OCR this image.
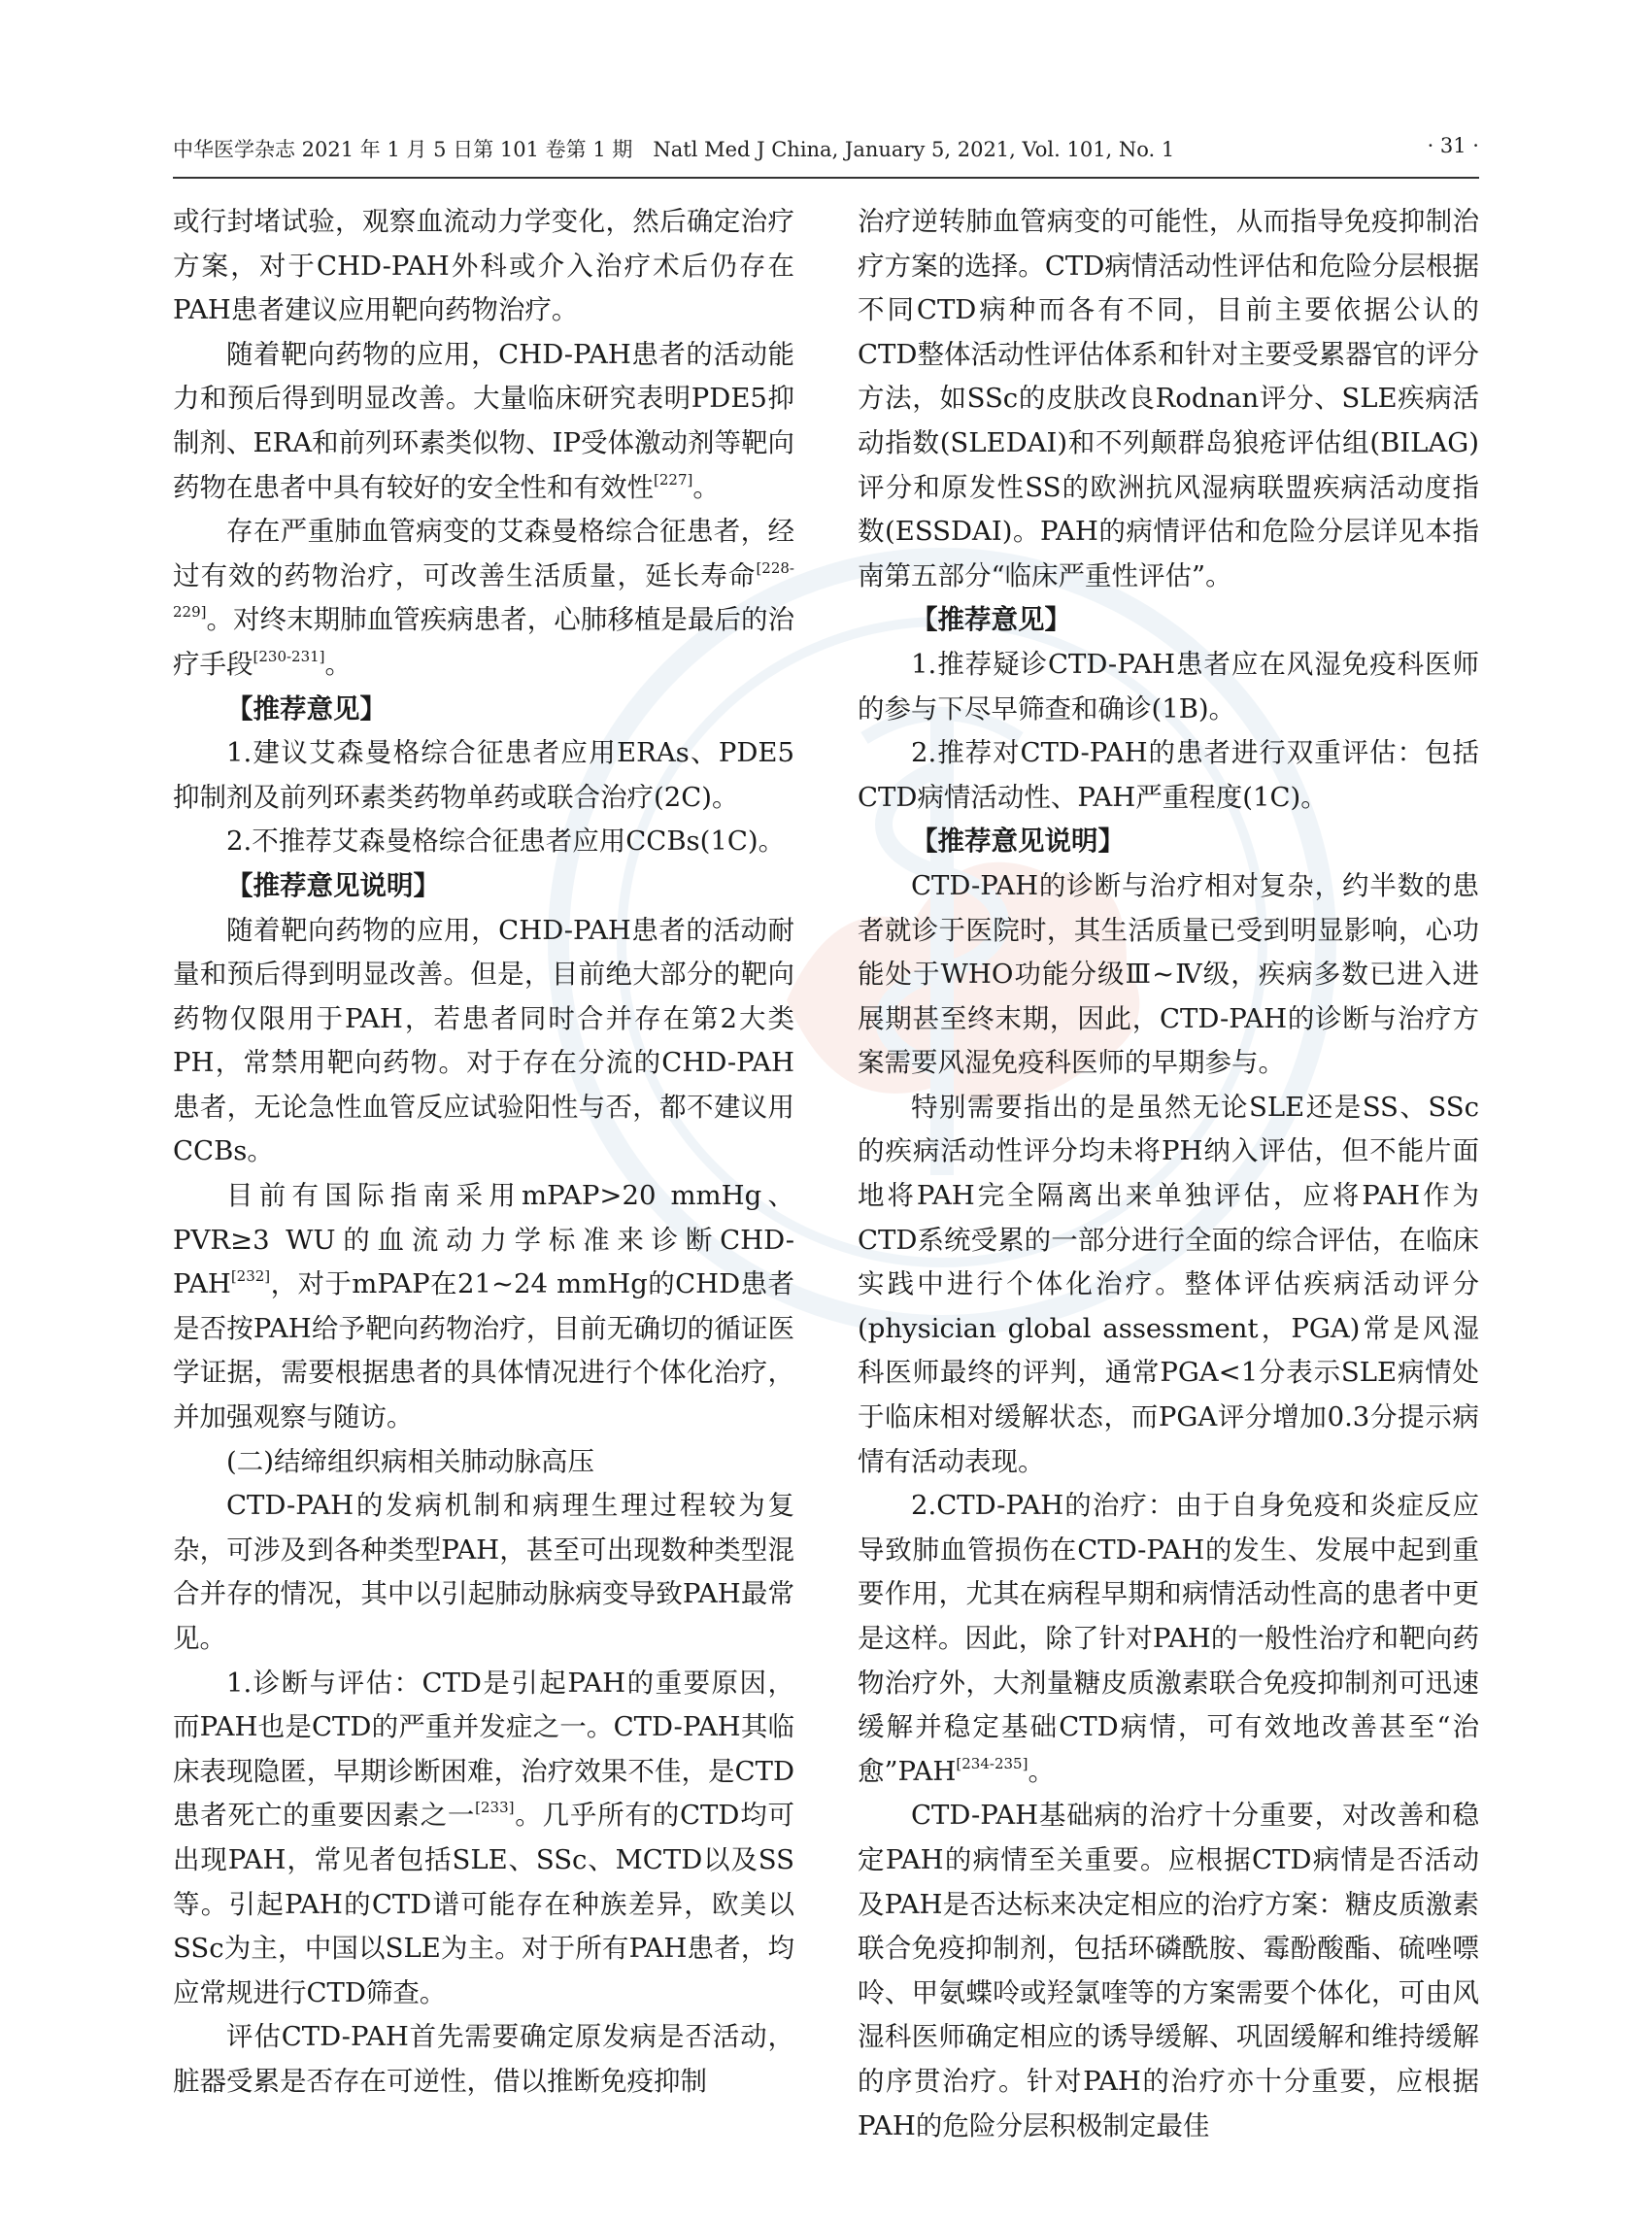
中华医学杂志 2021 年 1 月 5 日第 101 卷第 1 期　Natl Med J China, January 5, 2021, Vol. 101, No. 1	· 31 ·

或行封堵试验，观察血流动力学变化，然后确定治疗方案，对于CHD-PAH外科或介入治疗术后仍存在PAH患者建议应用靶向药物治疗。

随着靶向药物的应用，CHD-PAH患者的活动能力和预后得到明显改善。大量临床研究表明PDE5抑制剂、ERA和前列环素类似物、IP受体激动剂等靶向药物在患者中具有较好的安全性和有效性[227]。

存在严重肺血管病变的艾森曼格综合征患者，经过有效的药物治疗，可改善生活质量，延长寿命[228-229]。对终末期肺血管疾病患者，心肺移植是最后的治疗手段[230-231]。

【推荐意见】

1.建议艾森曼格综合征患者应用ERAs、PDE5抑制剂及前列环素类药物单药或联合治疗(2C)。

2.不推荐艾森曼格综合征患者应用CCBs(1C)。

【推荐意见说明】

随着靶向药物的应用，CHD-PAH患者的活动耐量和预后得到明显改善。但是，目前绝大部分的靶向药物仅限用于PAH，若患者同时合并存在第2大类PH，常禁用靶向药物。对于存在分流的CHD-PAH患者，无论急性血管反应试验阳性与否，都不建议用CCBs。

目前有国际指南采用mPAP>20 mmHg、PVR≥3 WU的血流动力学标准来诊断CHD-PAH[232]，对于mPAP在21~24 mmHg的CHD患者是否按PAH给予靶向药物治疗，目前无确切的循证医学证据，需要根据患者的具体情况进行个体化治疗，并加强观察与随访。

(二)结缔组织病相关肺动脉高压

CTD-PAH的发病机制和病理生理过程较为复杂，可涉及到各种类型PAH，甚至可出现数种类型混合并存的情况，其中以引起肺动脉病变导致PAH最常见。

1.诊断与评估：CTD是引起PAH的重要原因，而PAH也是CTD的严重并发症之一。CTD-PAH其临床表现隐匿，早期诊断困难，治疗效果不佳，是CTD患者死亡的重要因素之一[233]。几乎所有的CTD均可出现PAH，常见者包括SLE、SSc、MCTD以及SS等。引起PAH的CTD谱可能存在种族差异，欧美以SSc为主，中国以SLE为主。对于所有PAH患者，均应常规进行CTD筛查。

评估CTD-PAH首先需要确定原发病是否活动，脏器受累是否存在可逆性，借以推断免疫抑制

治疗逆转肺血管病变的可能性，从而指导免疫抑制治疗方案的选择。CTD病情活动性评估和危险分层根据不同CTD病种而各有不同，目前主要依据公认的CTD整体活动性评估体系和针对主要受累器官的评分方法，如SSc的皮肤改良Rodnan评分、SLE疾病活动指数(SLEDAI)和不列颠群岛狼疮评估组(BILAG)评分和原发性SS的欧洲抗风湿病联盟疾病活动度指数(ESSDAI)。PAH的病情评估和危险分层详见本指南第五部分“临床严重性评估”。

【推荐意见】

1.推荐疑诊CTD-PAH患者应在风湿免疫科医师的参与下尽早筛查和确诊(1B)。

2.推荐对CTD-PAH的患者进行双重评估：包括CTD病情活动性、PAH严重程度(1C)。

【推荐意见说明】

CTD-PAH的诊断与治疗相对复杂，约半数的患者就诊于医院时，其生活质量已受到明显影响，心功能处于WHO功能分级Ⅲ~Ⅳ级，疾病多数已进入进展期甚至终末期，因此，CTD-PAH的诊断与治疗方案需要风湿免疫科医师的早期参与。

特别需要指出的是虽然无论SLE还是SS、SSc的疾病活动性评分均未将PH纳入评估，但不能片面地将PAH完全隔离出来单独评估，应将PAH作为CTD系统受累的一部分进行全面的综合评估，在临床实践中进行个体化治疗。整体评估疾病活动评分(physician global assessment，PGA)常是风湿科医师最终的评判，通常PGA<1分表示SLE病情处于临床相对缓解状态，而PGA评分增加0.3分提示病情有活动表现。

2.CTD-PAH的治疗：由于自身免疫和炎症反应导致肺血管损伤在CTD-PAH的发生、发展中起到重要作用，尤其在病程早期和病情活动性高的患者中更是这样。因此，除了针对PAH的一般性治疗和靶向药物治疗外，大剂量糖皮质激素联合免疫抑制剂可迅速缓解并稳定基础CTD病情，可有效地改善甚至“治愈”PAH[234-235]。

CTD-PAH基础病的治疗十分重要，对改善和稳定PAH的病情至关重要。应根据CTD病情是否活动及PAH是否达标来决定相应的治疗方案：糖皮质激素联合免疫抑制剂，包括环磷酰胺、霉酚酸酯、硫唑嘌呤、甲氨蝶呤或羟氯喹等的方案需要个体化，可由风湿科医师确定相应的诱导缓解、巩固缓解和维持缓解的序贯治疗。针对PAH的治疗亦十分重要，应根据PAH的危险分层积极制定最佳
